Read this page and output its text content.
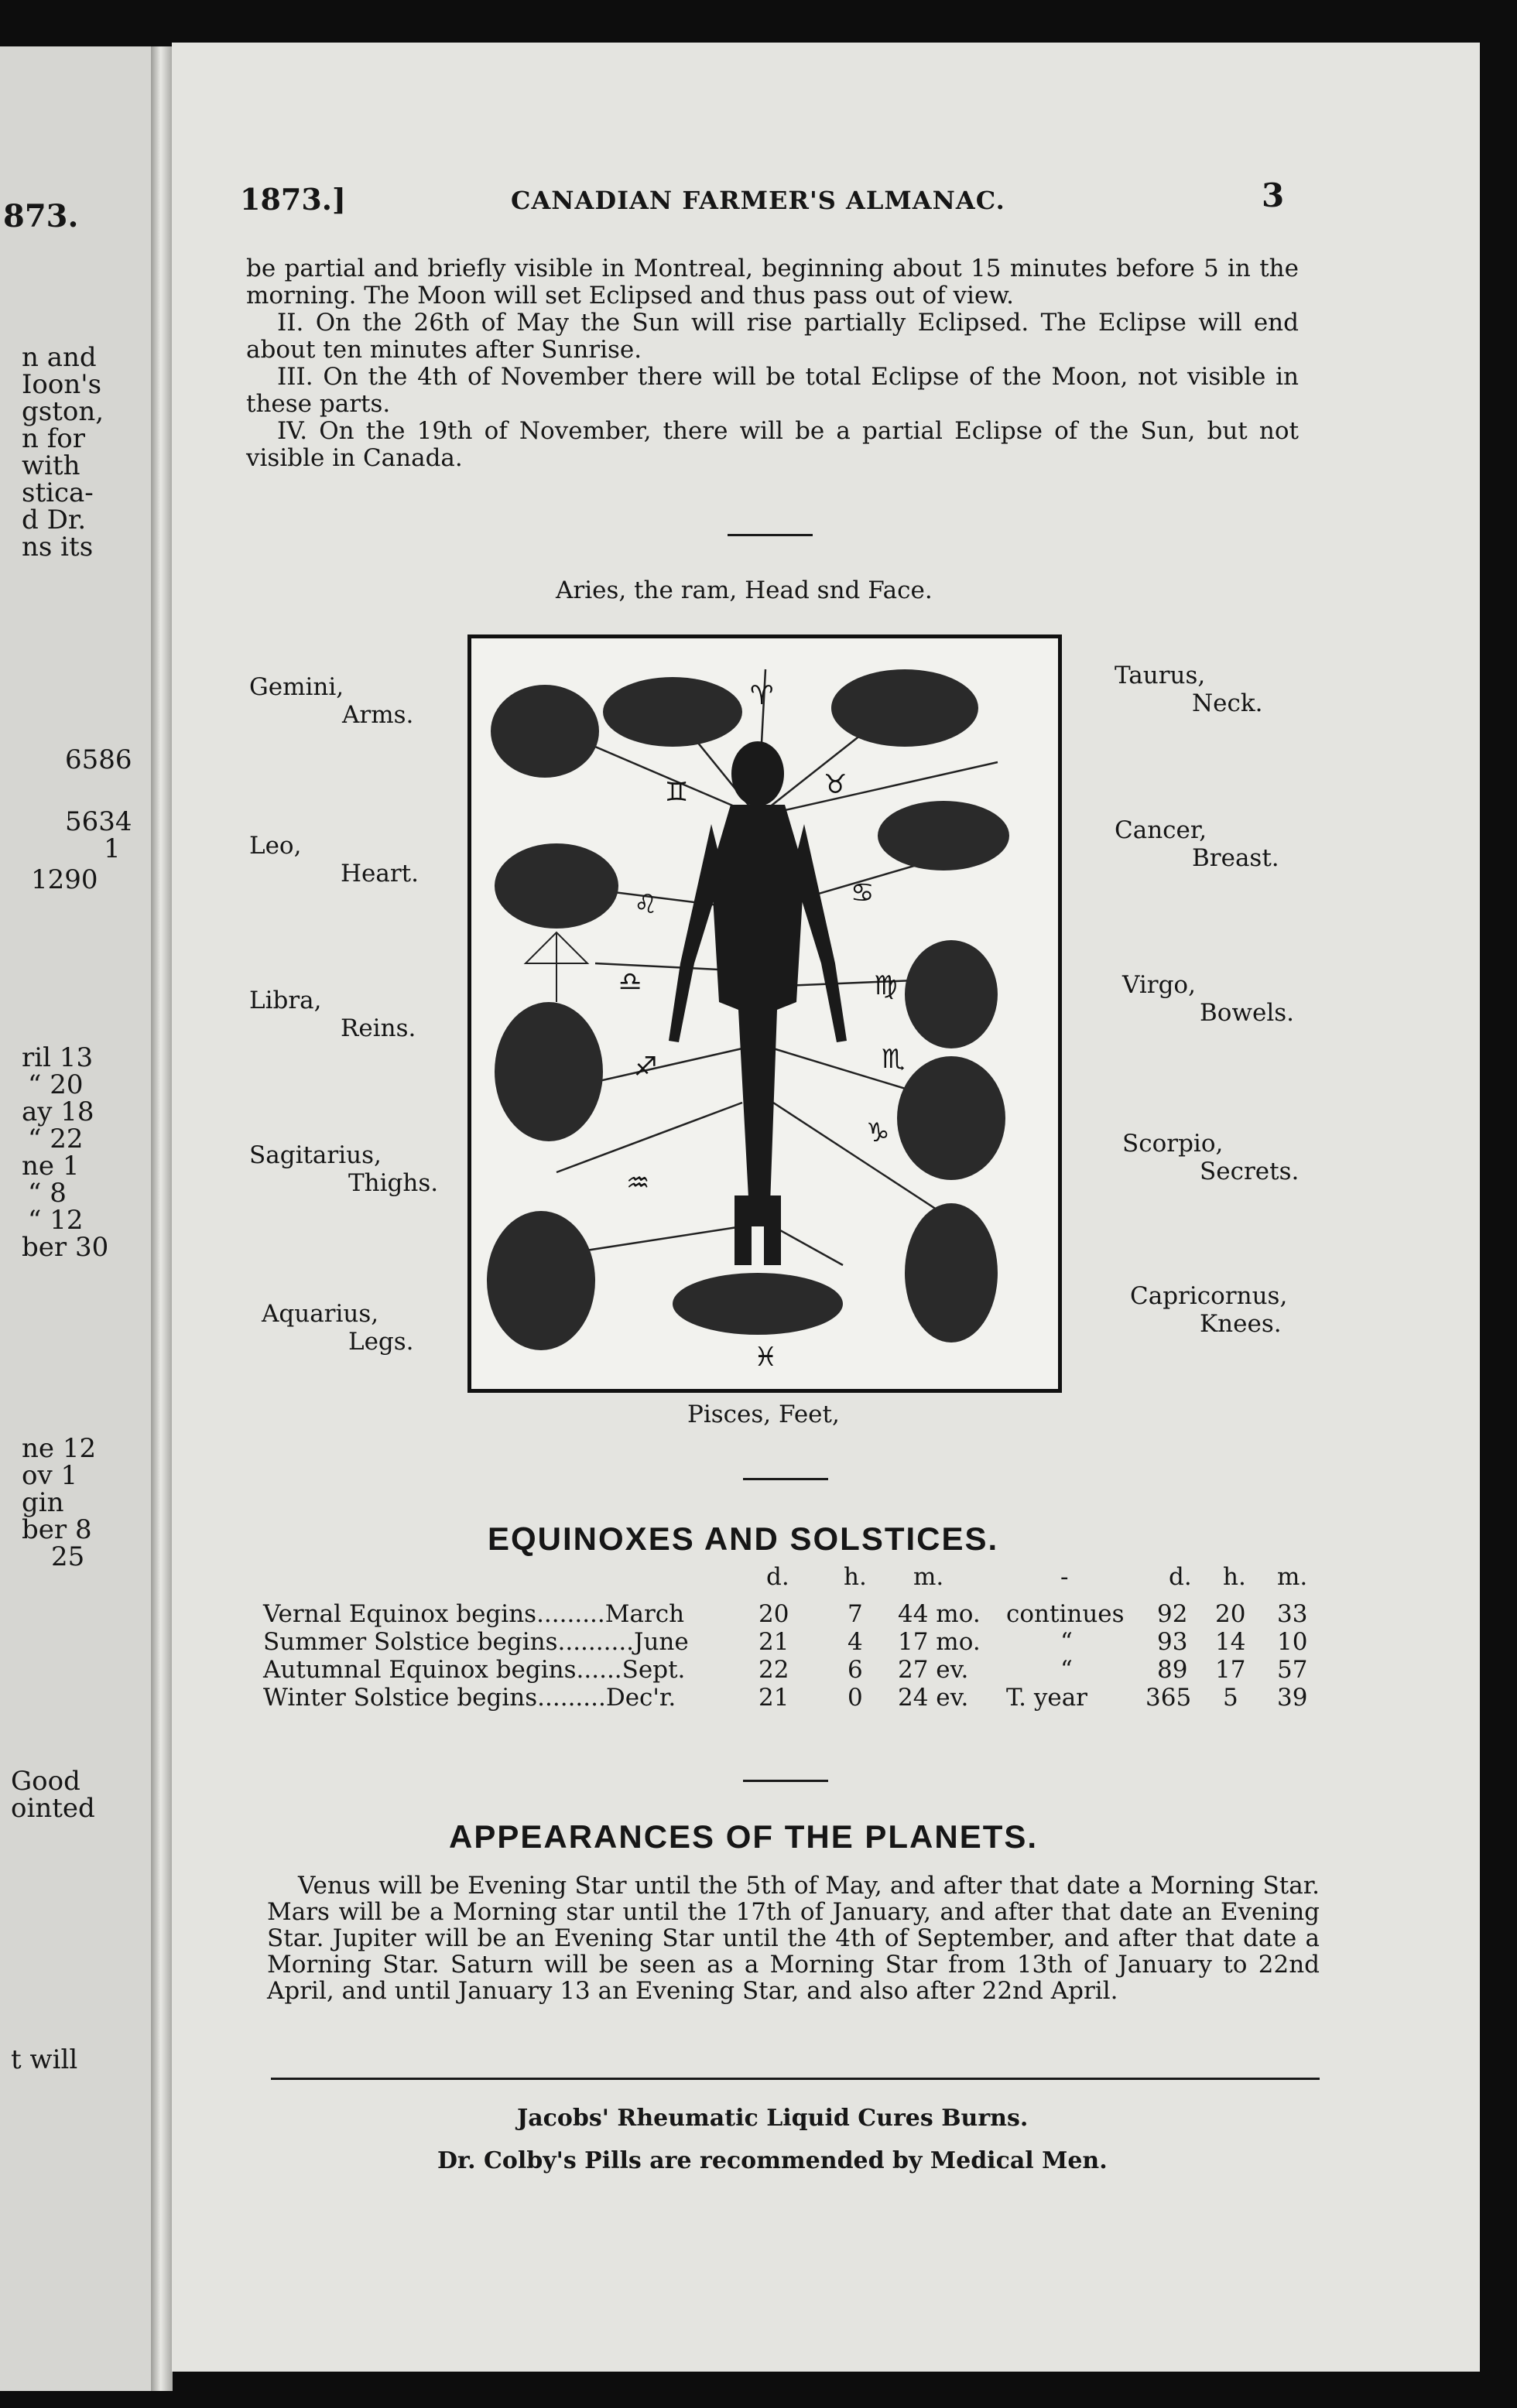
873.
n and
Ioon's
gston,
n for
with
stica-
d Dr.
ns its
6586
5634
1
1290
ril 13
“ 20
ay 18
“ 22
ne 1
“ 8
“ 12
ber 30
ne 12
ov 1
gin
ber 8
25
Good
ointed
t will
1873.]	CANADIAN FARMER'S ALMANAC.	3

be partial and briefly visible in Montreal, beginning about 15 minutes before 5 in the morning. The Moon will set Eclipsed and thus pass out of view.

II. On the 26th of May the Sun will rise partially Eclipsed. The Eclipse will end about ten minutes after Sunrise.

III. On the 4th of November there will be total Eclipse of the Moon, not visible in these parts.

IV. On the 19th of November, there will be a partial Eclipse of the Sun, but not visible in Canada.

Aries, the ram, Head snd Face.
Gemini,
Arms.
Leo,
Heart.
Libra,
Reins.
Sagitarius,
Thighs.
Aquarius,
Legs.
Taurus,
Neck.
Cancer,
Breast.
Virgo,
Bowels.
Scorpio,
Secrets.
Capricornus,
Knees.
♈
♉
♊
♋
♌
♍
♎
♏
♐
♑
♒
♓
Pisces, Feet,
EQUINOXES AND SOLSTICES.
d. h. m.	-	d. h. m.
Vernal Equinox begins.........March	20 7 44 mo. continues 92 20 33
Summer Solstice begins..........June	21 4 17 mo.	“	93 14 10
Autumnal Equinox begins......Sept.	22 6 27 ev.	“	89 17 57
Winter Solstice begins.........Dec'r.	21 0 24 ev. T. year 365 5 39
APPEARANCES OF THE PLANETS.

Venus will be Evening Star until the 5th of May, and after that date a Morning Star. Mars will be a Morning star until the 17th of January, and after that date an Evening Star. Jupiter will be an Evening Star until the 4th of September, and after that date a Morning Star. Saturn will be seen as a Morning Star from 13th of January to 22nd April, and until January 13 an Evening Star, and also after 22nd April.

Jacobs' Rheumatic Liquid Cures Burns.
Dr. Colby's Pills are recommended by Medical Men.
